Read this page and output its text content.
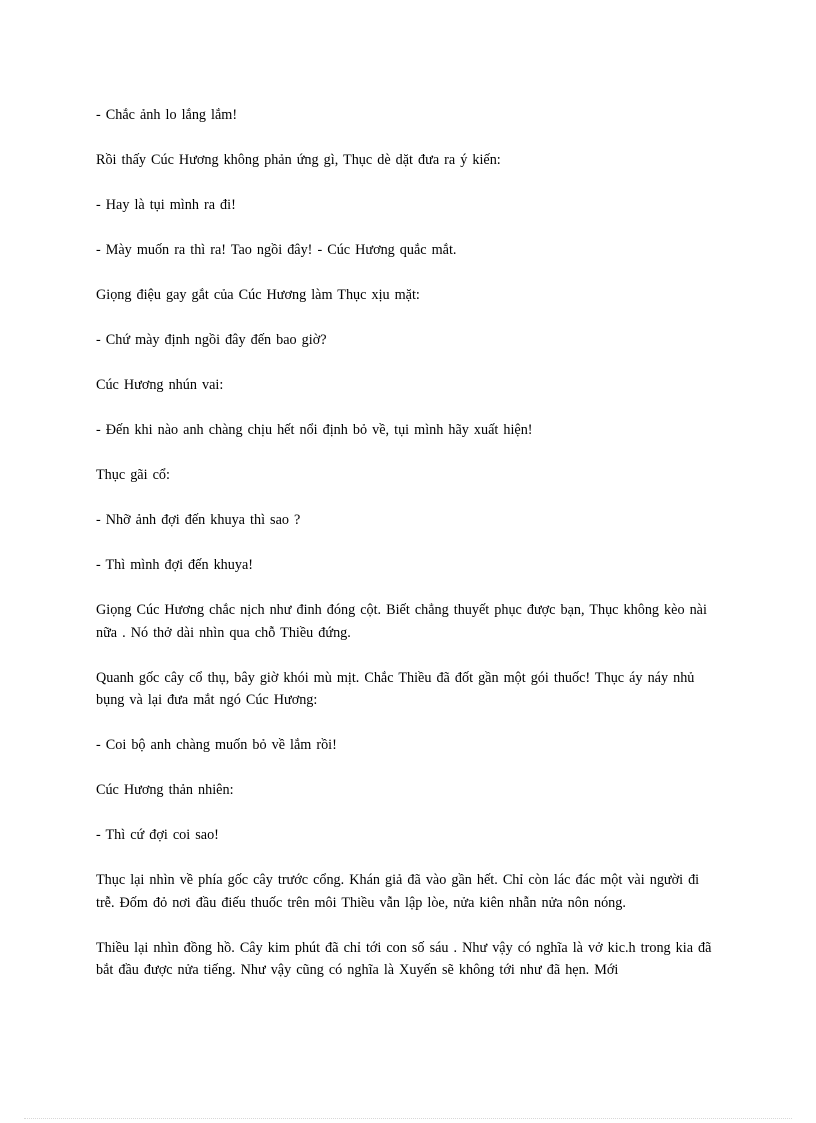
- Chắc ảnh lo lắng lắm!

Rồi thấy Cúc Hương không phản ứng gì, Thục dè dặt đưa ra ý kiến:

- Hay là tụi mình ra đi!

- Mày muốn ra thì ra! Tao ngồi đây! - Cúc Hương quắc mắt.

Giọng điệu gay gắt của Cúc Hương làm Thục xịu mặt:

- Chứ mày định ngồi đây đến bao giờ?

Cúc Hương nhún vai:

- Đến khi nào anh chàng chịu hết nổi định bỏ về, tụi mình hãy xuất hiện!

Thục gãi cổ:

- Nhỡ ảnh đợi đến khuya thì sao ?

- Thì mình đợi đến khuya!

Giọng Cúc Hương chắc nịch như đinh đóng cột. Biết chẳng thuyết phục được bạn, Thục không kèo nài nữa . Nó thở dài nhìn qua chỗ Thiều đứng.

Quanh gốc cây cổ thụ, bây giờ khói mù mịt. Chắc Thiều đã đốt gần một gói thuốc! Thục áy náy nhủ bụng và lại đưa mắt ngó Cúc Hương:

- Coi bộ anh chàng muốn bỏ về lắm rồi!

Cúc Hương thản nhiên:

- Thì cứ đợi coi sao!

Thục lại nhìn về phía gốc cây trước cổng. Khán giả đã vào gần hết. Chỉ còn lác đác một vài người đi trễ. Đốm đỏ nơi đầu điếu thuốc trên môi Thiều vẫn lập lòe, nửa kiên nhẫn nửa nôn nóng.

Thiều lại nhìn đồng hồ. Cây kim phút đã chỉ tới con số sáu . Như vậy có nghĩa là vở kic.h trong kia đã bắt đầu được nửa tiếng. Như vậy cũng có nghĩa là Xuyến sẽ không tới như đã hẹn. Mới
